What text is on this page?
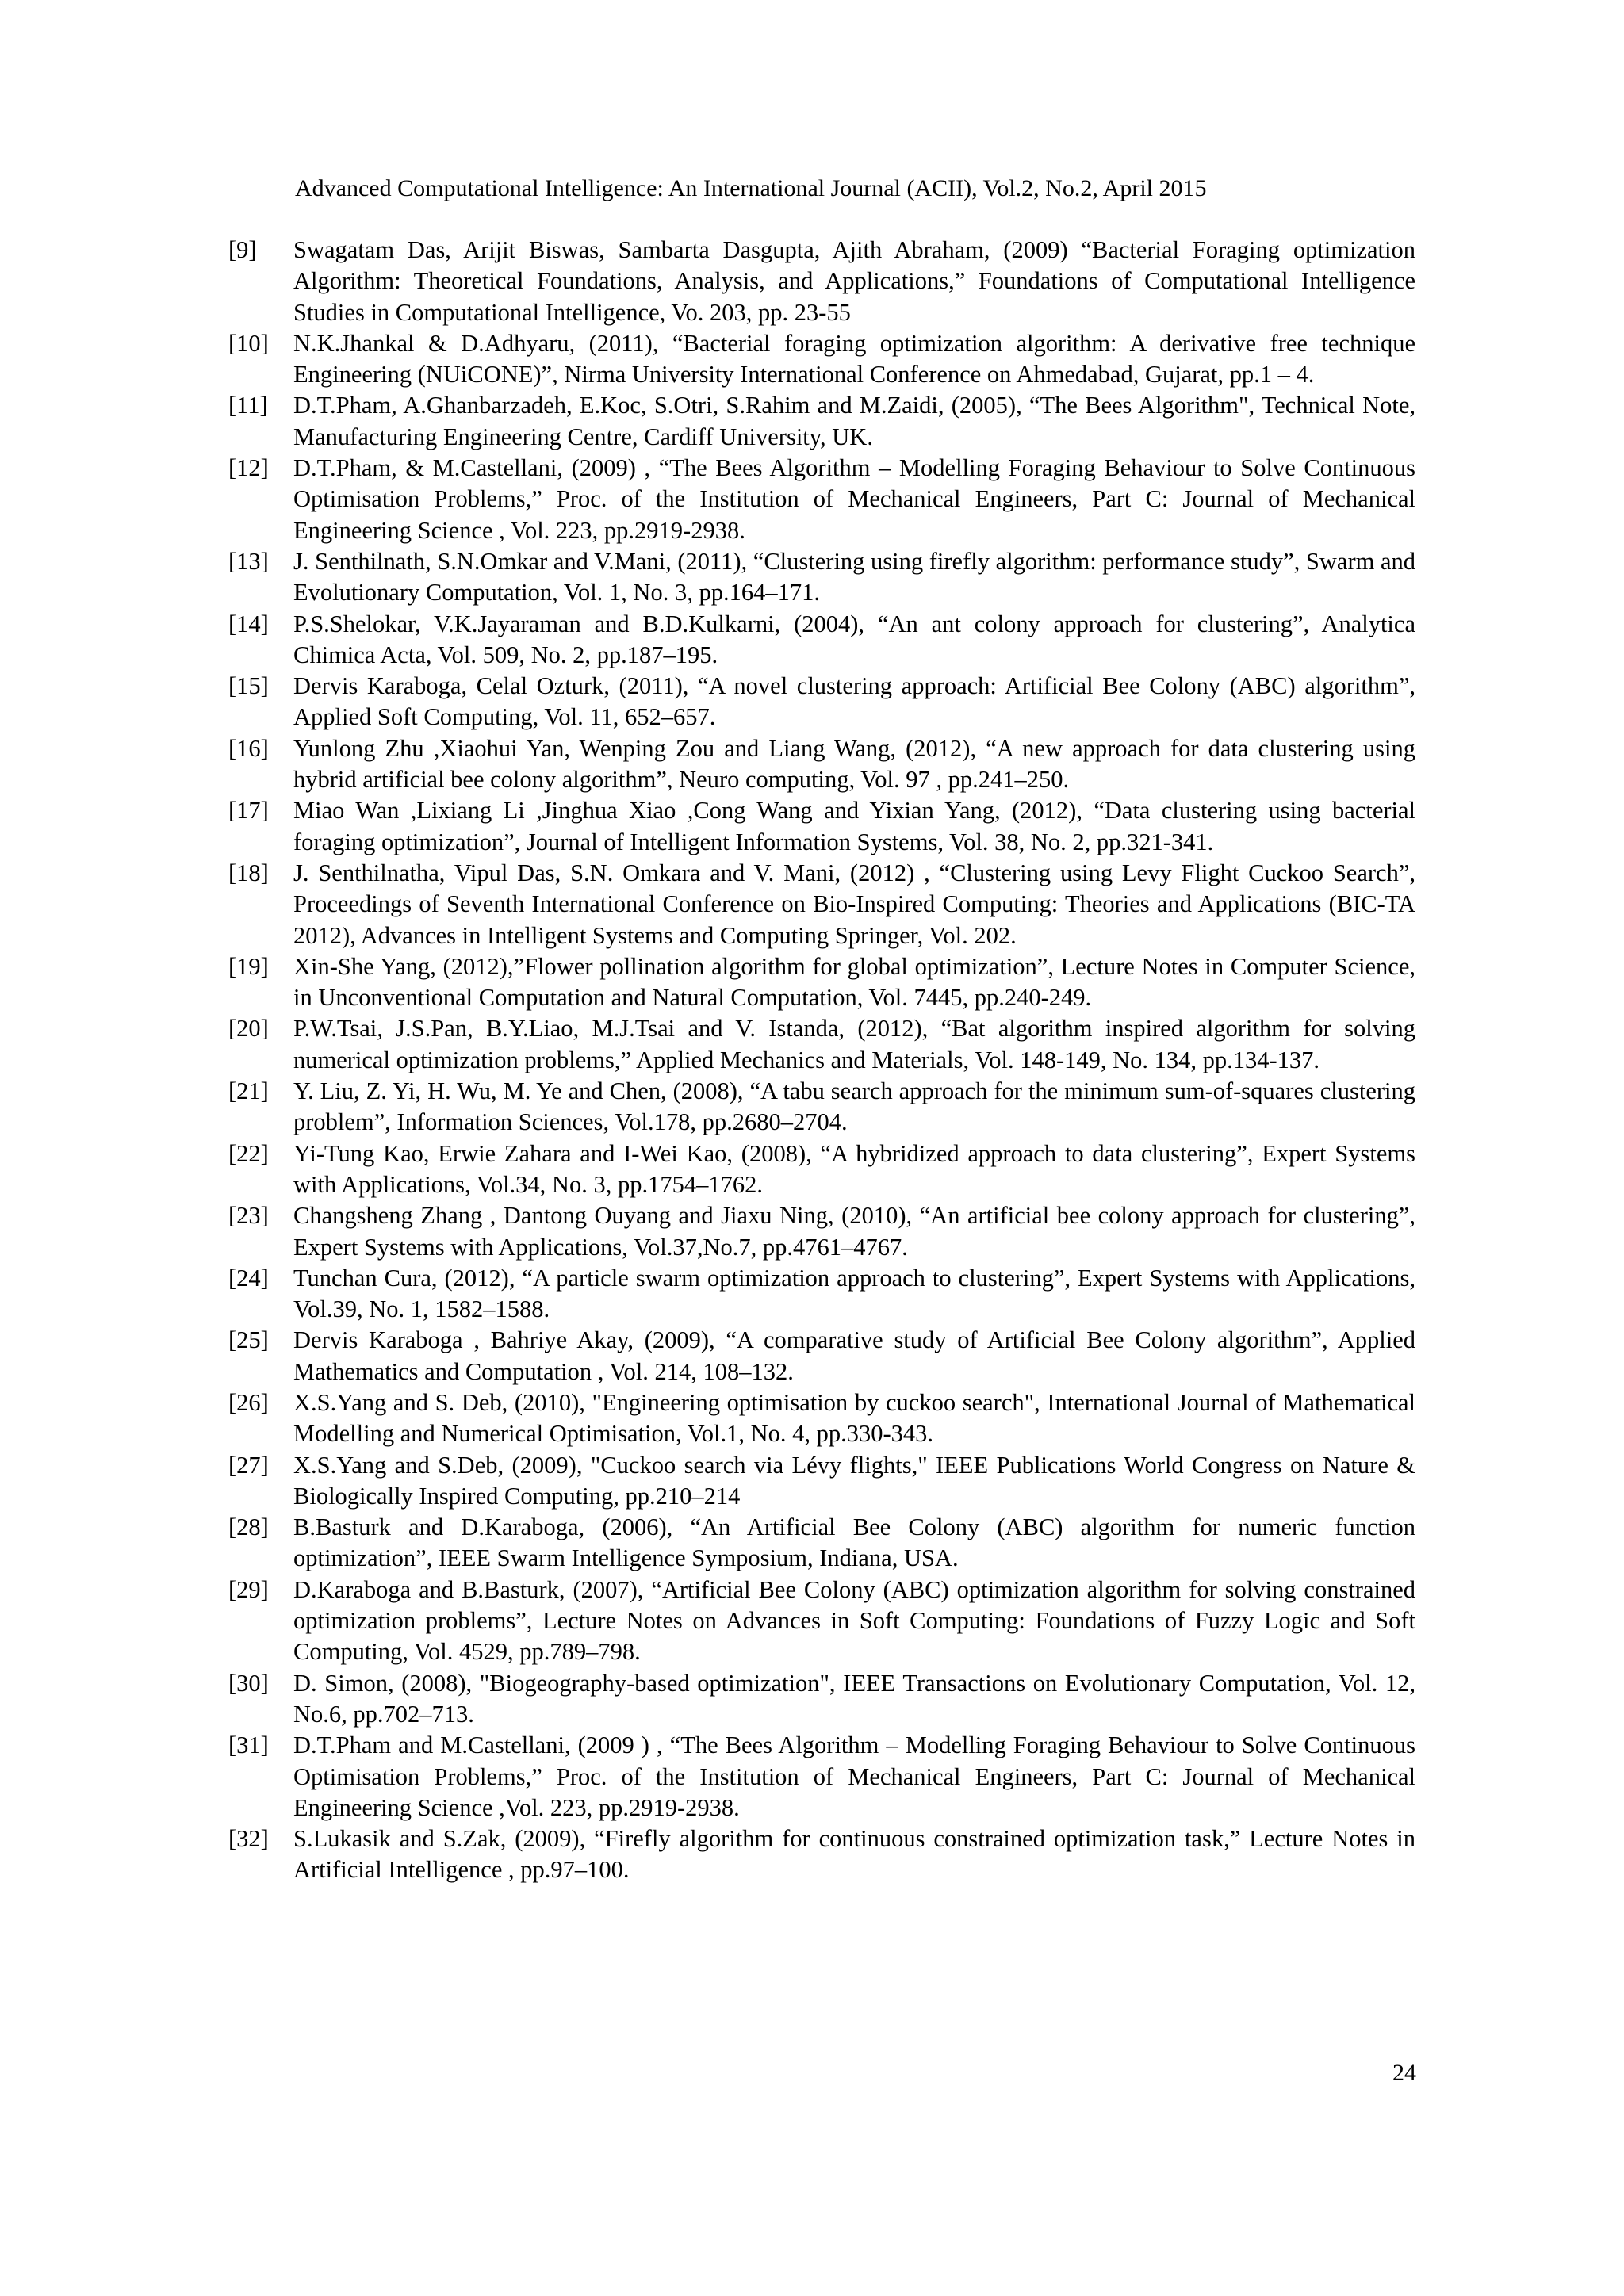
Advanced Computational Intelligence: An International Journal (ACII), Vol.2, No.2, April 2015
[9]	Swagatam Das, Arijit Biswas, Sambarta Dasgupta, Ajith Abraham, (2009) “Bacterial Foraging optimization Algorithm: Theoretical Foundations, Analysis, and Applications,” Foundations of Computational Intelligence Studies in Computational Intelligence, Vo. 203, pp. 23-55
[10]	N.K.Jhankal & D.Adhyaru, (2011), “Bacterial foraging optimization algorithm: A derivative free technique Engineering (NUiCONE)”, Nirma University International Conference on Ahmedabad, Gujarat, pp.1 – 4.
[11]	D.T.Pham, A.Ghanbarzadeh, E.Koc, S.Otri, S.Rahim and M.Zaidi, (2005), “The Bees Algorithm", Technical Note, Manufacturing Engineering Centre, Cardiff University, UK.
[12]	D.T.Pham, & M.Castellani, (2009) , “The Bees Algorithm – Modelling Foraging Behaviour to Solve Continuous Optimisation Problems,” Proc. of the Institution of Mechanical Engineers, Part C: Journal of Mechanical Engineering Science , Vol. 223, pp.2919-2938.
[13]	J. Senthilnath, S.N.Omkar and V.Mani, (2011), “Clustering using firefly algorithm: performance study”, Swarm and Evolutionary Computation, Vol. 1, No. 3, pp.164–171.
[14]	P.S.Shelokar, V.K.Jayaraman and B.D.Kulkarni, (2004), “An ant colony approach for clustering”, Analytica Chimica Acta, Vol. 509, No. 2, pp.187–195.
[15]	Dervis Karaboga, Celal Ozturk, (2011), “A novel clustering approach: Artificial Bee Colony (ABC) algorithm”, Applied Soft Computing, Vol. 11, 652–657.
[16]	Yunlong Zhu ,Xiaohui Yan, Wenping Zou and Liang Wang, (2012), “A new approach for data clustering using hybrid artificial bee colony algorithm”, Neuro computing, Vol. 97 , pp.241–250.
[17]	Miao Wan ,Lixiang Li ,Jinghua Xiao ,Cong Wang and Yixian Yang, (2012), “Data clustering using bacterial foraging optimization”, Journal of Intelligent Information Systems, Vol. 38, No. 2, pp.321-341.
[18]	J. Senthilnatha, Vipul Das, S.N. Omkara and V. Mani, (2012) , “Clustering using Levy Flight Cuckoo Search”, Proceedings of Seventh International Conference on Bio-Inspired Computing: Theories and Applications (BIC-TA 2012), Advances in Intelligent Systems and Computing Springer, Vol. 202.
[19]	Xin-She Yang, (2012),”Flower pollination algorithm for global optimization”, Lecture Notes in Computer Science, in Unconventional Computation and Natural Computation, Vol. 7445, pp.240-249.
[20]	P.W.Tsai, J.S.Pan, B.Y.Liao, M.J.Tsai and V. Istanda, (2012), “Bat algorithm inspired algorithm for solving numerical optimization problems,” Applied Mechanics and Materials, Vol. 148-149, No. 134, pp.134-137.
[21]	Y. Liu, Z. Yi, H. Wu, M. Ye and Chen, (2008), “A tabu search approach for the minimum sum-of-squares clustering problem”, Information Sciences, Vol.178, pp.2680–2704.
[22]	Yi-Tung Kao, Erwie Zahara and I-Wei Kao, (2008), “A hybridized approach to data clustering”, Expert Systems with Applications, Vol.34, No. 3, pp.1754–1762.
[23]	Changsheng Zhang , Dantong Ouyang and Jiaxu Ning, (2010), “An artificial bee colony approach for clustering”, Expert Systems with Applications, Vol.37,No.7, pp.4761–4767.
[24]	Tunchan Cura, (2012), “A particle swarm optimization approach to clustering”, Expert Systems with Applications, Vol.39, No. 1, 1582–1588.
[25]	Dervis Karaboga , Bahriye Akay, (2009), “A comparative study of Artificial Bee Colony algorithm”, Applied Mathematics and Computation , Vol. 214, 108–132.
[26]	X.S.Yang and S. Deb, (2010), "Engineering optimisation by cuckoo search", International Journal of Mathematical Modelling and Numerical Optimisation, Vol.1, No. 4, pp.330-343.
[27]	X.S.Yang and S.Deb, (2009), "Cuckoo search via Lévy flights," IEEE Publications World Congress on Nature & Biologically Inspired Computing, pp.210–214
[28]	B.Basturk and D.Karaboga, (2006), “An Artificial Bee Colony (ABC) algorithm for numeric function optimization”, IEEE Swarm Intelligence Symposium, Indiana, USA.
[29]	D.Karaboga and B.Basturk, (2007), “Artificial Bee Colony (ABC) optimization algorithm for solving constrained optimization problems”, Lecture Notes on Advances in Soft Computing: Foundations of Fuzzy Logic and Soft Computing, Vol. 4529, pp.789–798.
[30]	D. Simon, (2008), "Biogeography-based optimization", IEEE Transactions on Evolutionary Computation, Vol. 12, No.6, pp.702–713.
[31]	D.T.Pham and M.Castellani, (2009 ) , “The Bees Algorithm – Modelling Foraging Behaviour to Solve Continuous Optimisation Problems,” Proc. of the Institution of Mechanical Engineers, Part C: Journal of Mechanical Engineering Science ,Vol. 223, pp.2919-2938.
[32]	S.Lukasik and S.Zak, (2009), “Firefly algorithm for continuous constrained optimization task,” Lecture Notes in Artificial Intelligence , pp.97–100.
24
